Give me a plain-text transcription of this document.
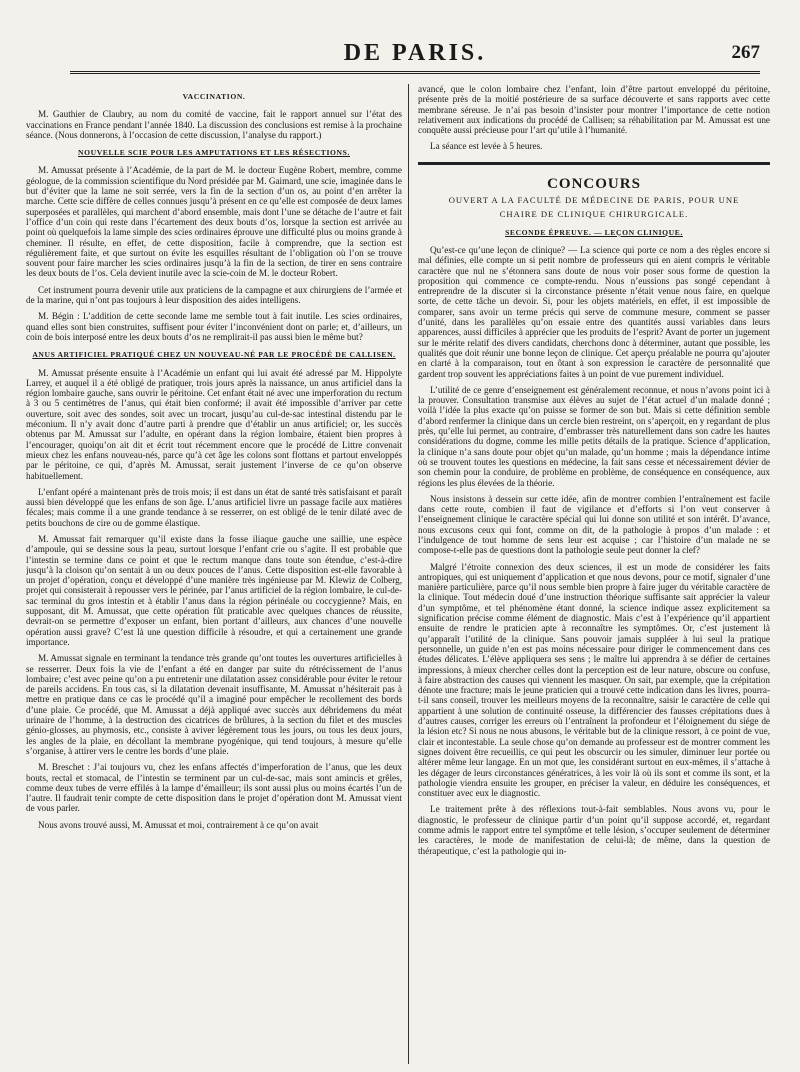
DE PARIS.	267
VACCINATION.

M. Gauthier de Claubry, au nom du comité de vaccine, fait le rapport annuel sur l’état des vaccinations en France pendant l’année 1840. La discussion des conclusions est remise à la prochaine séance. (Nous donnerons, à l’occasion de cette discussion, l’analyse du rapport.)

NOUVELLE SCIE POUR LES AMPUTATIONS ET LES RÉSECTIONS.

M. Amussat présente à l’Académie, de la part de M. le docteur Eugène Robert, membre, comme géologue, de la commission scientifique du Nord présidée par M. Gaimard, une scie, imaginée dans le but d’éviter que la lame ne soit serrée, vers la fin de la section d’un os, au point d’en arrêter la marche. Cette scie diffère de celles connues jusqu’à présent en ce qu’elle est composée de deux lames superposées et parallèles, qui marchent d’abord ensemble, mais dont l’une se détache de l’autre et fait l’office d’un coin qui reste dans l’écartement des deux bouts d’os, lorsque la section est arrivée au point où quelquefois la lame simple des scies ordinaires éprouve une difficulté plus ou moins grande à cheminer. Il résulte, en effet, de cette disposition, facile à comprendre, que la section est régulièrement faite, et que surtout on évite les esquilles résultant de l’obligation où l’on se trouve souvent pour faire marcher les scies ordinaires jusqu’à la fin de la section, de tirer en sens contraire les deux bouts de l’os. Cela devient inutile avec la scie-coin de M. le docteur Robert.

Cet instrument pourra devenir utile aux praticiens de la campagne et aux chirurgiens de l’armée et de la marine, qui n’ont pas toujours à leur disposition des aides intelligens.

M. Bégin : L’addition de cette seconde lame me semble tout à fait inutile. Les scies ordinaires, quand elles sont bien construites, suffisent pour éviter l’inconvénient dont on parle; et, d’ailleurs, un coin de bois interposé entre les deux bouts d’os ne remplirait-il pas aussi bien le même but?

ANUS ARTIFICIEL PRATIQUÉ CHEZ UN NOUVEAU-NÉ PAR LE PROCÉDÉ DE CALLISEN.

M. Amussat présente ensuite à l’Académie un enfant qui lui avait été adressé par M. Hippolyte Larrey, et auquel il a été obligé de pratiquer, trois jours après la naissance, un anus artificiel dans la région lombaire gauche, sans ouvrir le péritoine. Cet enfant était né avec une imperforation du rectum à 3 ou 5 centimètres de l’anus, qui était bien conformé; il avait été impossible d’arriver par cette ouverture, soit avec des sondes, soit avec un trocart, jusqu’au cul-de-sac intestinal distendu par le méconium. Il n’y avait donc d’autre parti à prendre que d’établir un anus artificiel; or, les succès obtenus par M. Amussat sur l’adulte, en opérant dans la région lombaire, étaient bien propres à l’encourager, quoiqu’on ait dit et écrit tout récemment encore que le procédé de Littre convenait mieux chez les enfans nouveau-nés, parce qu’à cet âge les colons sont flottans et partout enveloppés par le péritoine, ce qui, d’après M. Amussat, serait justement l’inverse de ce qu’on observe habituellement.

L’enfant opéré a maintenant près de trois mois; il est dans un état de santé très satisfaisant et paraît aussi bien développé que les enfans de son âge. L’anus artificiel livre un passage facile aux matières fécales; mais comme il a une grande tendance à se resserrer, on est obligé de le tenir dilaté avec de petits bouchons de cire ou de gomme élastique.

M. Amussat fait remarquer qu’il existe dans la fosse iliaque gauche une saillie, une espèce d’ampoule, qui se dessine sous la peau, surtout lorsque l’enfant crie ou s’agite. Il est probable que l’intestin se termine dans ce point et que le rectum manque dans toute son étendue, c’est-à-dire jusqu’à la cloison qu’on sentait à un ou deux pouces de l’anus. Cette disposition est-elle favorable à un projet d’opération, conçu et développé d’une manière très ingénieuse par M. Klewiz de Colberg, projet qui consisterait à repousser vers le périnée, par l’anus artificiel de la région lombaire, le cul-de-sac terminal du gros intestin et à établir l’anus dans la région périnéale ou coccygienne? Mais, en supposant, dit M. Amussat, que cette opération fût praticable avec quelques chances de réussite, devrait-on se permettre d’exposer un enfant, bien portant d’ailleurs, aux chances d’une nouvelle opération aussi grave? C’est là une question difficile à résoudre, et qui a certainement une grande importance.

M. Amussat signale en terminant la tendance très grande qu’ont toutes les ouvertures artificielles à se resserrer. Deux fois la vie de l’enfant a été en danger par suite du rétrécissement de l’anus lombaire; c’est avec peine qu’on a pu entretenir une dilatation assez considérable pour éviter le retour de pareils accidens. En tous cas, si la dilatation devenait insuffisante, M. Amussat n’hésiterait pas à mettre en pratique dans ce cas le procédé qu’il a imaginé pour empêcher le recollement des bords d’une plaie. Ce procédé, que M. Amussat a déjà appliqué avec succès aux débridemens du méat urinaire de l’homme, à la destruction des cicatrices de brûlures, à la section du filet et des muscles génio-glosses, au phymosis, etc., consiste à aviver légèrement tous les jours, ou tous les deux jours, les angles de la plaie, en décollant la membrane pyogénique, qui tend toujours, à mesure qu’elle s’organise, à attirer vers le centre les bords d’une plaie.

M. Breschet : J’ai toujours vu, chez les enfans affectés d’imperforation de l’anus, que les deux bouts, rectal et stomacal, de l’intestin se terminent par un cul-de-sac, mais sont amincis et grêles, comme deux tubes de verre effilés à la lampe d’émailleur; ils sont aussi plus ou moins écartés l’un de l’autre. Il faudrait tenir compte de cette disposition dans le projet d’opération dont M. Amussat vient de vous parler.

Nous avons trouvé aussi, M. Amussat et moi, contrairement à ce qu’on avait

avancé, que le colon lombaire chez l’enfant, loin d’être partout enveloppé du péritoine, présente près de la moitié postérieure de sa surface découverte et sans rapports avec cette membrane séreuse. Je n’ai pas besoin d’insister pour montrer l’importance de cette notion relativement aux indications du procédé de Callisen; sa réhabilitation par M. Amussat est une conquête aussi précieuse pour l’art qu’utile à l’humanité.

La séance est levée à 5 heures.

CONCOURS
OUVERT A LA FACULTÉ DE MÉDECINE DE PARIS, POUR UNE
CHAIRE DE CLINIQUE CHIRURGICALE.
SECONDE ÉPREUVE. — LEÇON CLINIQUE.

Qu’est-ce qu’une leçon de clinique? — La science qui porte ce nom a des règles encore si mal définies, elle compte un si petit nombre de professeurs qui en aient compris le véritable caractère que nul ne s’étonnera sans doute de nous voir poser sous forme de question la proposition qui commence ce compte-rendu. Nous n’eussions pas songé cependant à entreprendre de la discuter si la circonstance présente n’était venue nous faire, en quelque sorte, de cette tâche un devoir. Si, pour les objets matériels, en effet, il est impossible de comparer, sans avoir un terme précis qui serve de commune mesure, comment se passer d’unité, dans les parallèles qu’on essaie entre des quantités aussi variables dans leurs apparences, aussi difficiles à apprécier que les produits de l’esprit? Avant de porter un jugement sur le mérite relatif des divers candidats, cherchons donc à déterminer, autant que possible, les qualités que doit réunir une bonne leçon de clinique. Cet aperçu préalable ne pourra qu’ajouter en clarté à la comparaison, tout en ôtant à son expression le caractère de personnalité que gardent trop souvent les appréciations faites à un point de vue purement individuel.

L’utilité de ce genre d’enseignement est généralement reconnue, et nous n’avons point ici à la prouver. Consultation transmise aux élèves au sujet de l’état actuel d’un malade donné ; voilà l’idée la plus exacte qu’on puisse se former de son but. Mais si cette définition semble d’abord renfermer la clinique dans un cercle bien restreint, on s’aperçoit, en y regardant de plus près, qu’elle lui permet, au contraire, d’embrasser très naturellement dans son cadre les hautes considérations du dogme, comme les mille petits détails de la pratique. Science d’application, la clinique n’a sans doute pour objet qu’un malade, qu’un homme ; mais la dépendance intime où se trouvent toutes les questions en médecine, la fait sans cesse et nécessairement dévier de son chemin pour la conduire, de problème en problème, de conséquence en conséquence, aux régions les plus élevées de la théorie.

Nous insistons à dessein sur cette idée, afin de montrer combien l’entraînement est facile dans cette route, combien il faut de vigilance et d’efforts si l’on veut conserver à l’enseignement clinique le caractère spécial qui lui donne son utilité et son intérêt. D’avance, nous excusons ceux qui font, comme on dit, de la pathologie à propos d’un malade : et l’indulgence de tout homme de sens leur est acquise ; car l’histoire d’un malade ne se compose-t-elle pas de questions dont la pathologie seule peut donner la clef?

Malgré l’étroite connexion des deux sciences, il est un mode de considérer les faits antropiques, qui est uniquement d’application et que nous devons, pour ce motif, signaler d’une manière particulière, parce qu’il nous semble bien propre à faire juger du véritable caractère de la clinique. Tout médecin doué d’une instruction théorique suffisante sait apprécier la valeur d’un symptôme, et tel phénomène étant donné, la science indique assez explicitement sa signification précise comme élément de diagnostic. Mais c’est à l’expérience qu’il appartient ensuite de rendre le praticien apte à reconnaître les symptômes. Or, c’est justement là qu’apparaît l’utilité de la clinique. Sans pouvoir jamais suppléer à lui seul la pratique personnelle, un guide n’en est pas moins nécessaire pour diriger le commencement dans ces études délicates. L’élève appliquera ses sens ; le maître lui apprendra à se défier de certaines impressions, à mieux chercher celles dont la perception est de leur nature, obscure ou confuse, à faire abstraction des causes qui viennent les masquer. On sait, par exemple, que la crépitation dénote une fracture; mais le jeune praticien qui a trouvé cette indication dans les livres, pourra-t-il sans conseil, trouver les meilleurs moyens de la reconnaître, saisir le caractère de celle qui appartient à une solution de continuité osseuse, la différencier des fausses crépitations dues à d’autres causes, corriger les erreurs où l’entraînent la profondeur et l’éloignement du siége de la lésion etc? Si nous ne nous abusons, le véritable but de la clinique ressort, à ce point de vue, clair et incontestable. La seule chose qu’on demande au professeur est de montrer comment les signes doivent être recueillis, ce qui peut les obscurcir ou les simuler, diminuer leur portée ou altérer même leur langage. En un mot que, les considérant surtout en eux-mêmes, il s’attache à les dégager de leurs circonstances génératrices, à les voir là où ils sont et comme ils sont, et la pathologie viendra ensuite les grouper, en préciser la valeur, en déduire les conséquences, et constituer avec eux le diagnostic.

Le traitement prête à des réflexions tout-à-fait semblables. Nous avons vu, pour le diagnostic, le professeur de clinique partir d’un point qu’il suppose accordé, et, regardant comme admis le rapport entre tel symptôme et telle lésion, s’occuper seulement de déterminer les caractères, le mode de manifestation de celui-là; de même, dans la question de thérapeutique, c’est la pathologie qui in-
